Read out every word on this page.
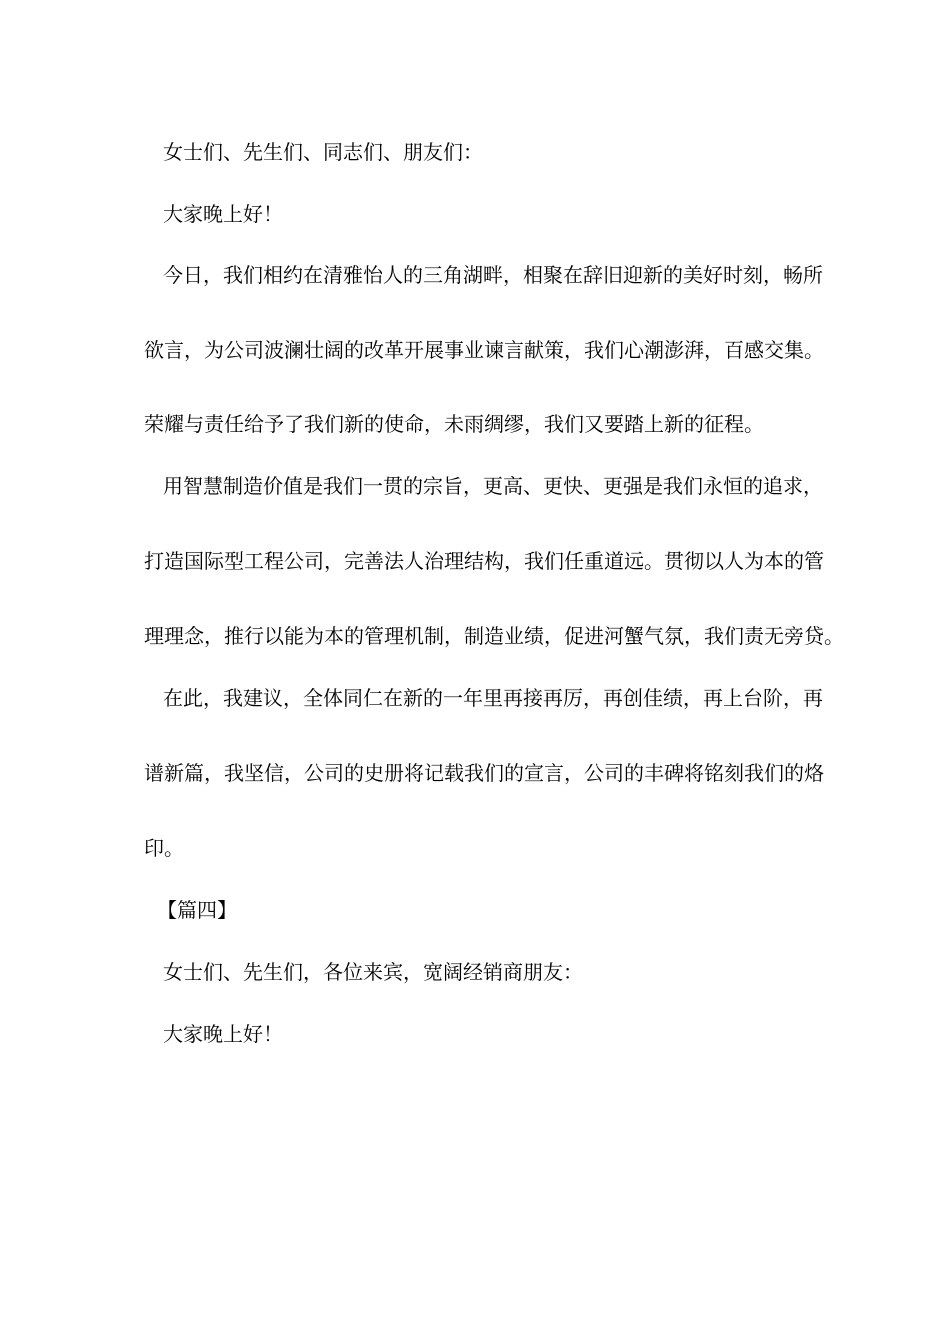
女士们、先生们、同志们、朋友们：
大家晚上好！
今日，我们相约在清雅怡人的三角湖畔，相聚在辞旧迎新的美好时刻，畅所
欲言，为公司波澜壮阔的改革开展事业谏言献策，我们心潮澎湃，百感交集。
荣耀与责任给予了我们新的使命，未雨绸缪，我们又要踏上新的征程。
用智慧制造价值是我们一贯的宗旨，更高、更快、更强是我们永恒的追求，
打造国际型工程公司，完善法人治理结构，我们任重道远。贯彻以人为本的管
理理念，推行以能为本的管理机制，制造业绩，促进河蟹气氛，我们责无旁贷。
在此，我建议，全体同仁在新的一年里再接再厉，再创佳绩，再上台阶，再
谱新篇，我坚信，公司的史册将记载我们的宣言，公司的丰碑将铭刻我们的烙
印。
【篇四】
女士们、先生们，各位来宾，宽阔经销商朋友：
大家晚上好！
